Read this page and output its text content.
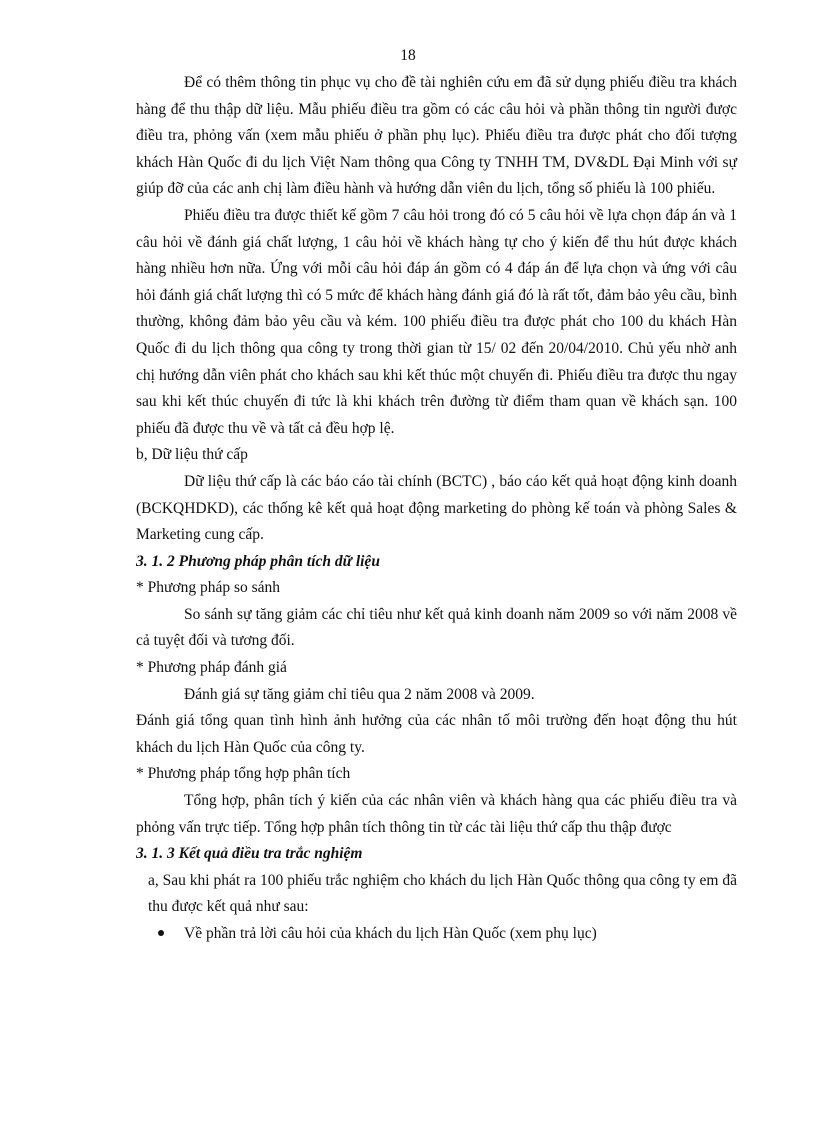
18

Để có thêm thông tin phục vụ cho đề tài nghiên cứu em đã sử dụng phiếu điều tra khách hàng để thu thập dữ liệu. Mẫu phiếu điều tra gồm có các câu hỏi và phần thông tin người được điều tra, phỏng vấn (xem mẫu phiếu ở phần phụ lục). Phiếu điều tra được phát cho đối tượng khách Hàn Quốc đi du lịch Việt Nam thông qua Công ty TNHH TM, DV&DL Đại Minh với sự giúp đỡ của các anh chị làm điều hành và hướng dẫn viên du lịch, tổng số phiếu là 100 phiếu.

Phiếu điều tra được thiết kế gồm 7 câu hỏi trong đó có 5 câu hỏi về lựa chọn đáp án và 1 câu hỏi về đánh giá chất lượng, 1 câu hỏi về khách hàng tự cho ý kiến để thu hút được khách hàng nhiều hơn nữa. Ứng với mỗi câu hỏi đáp án gồm có 4 đáp án để lựa chọn và ứng với câu hỏi đánh giá chất lượng thì có 5 mức để khách hàng đánh giá đó là rất tốt, đảm bảo yêu cầu, bình thường, không đảm bảo yêu cầu và kém. 100 phiếu điều tra được phát cho 100 du khách Hàn Quốc đi du lịch thông qua công ty trong thời gian từ 15/ 02 đến 20/04/2010. Chủ yếu nhờ anh chị hướng dẫn viên phát cho khách sau khi kết thúc một chuyến đi. Phiếu điều tra được thu ngay sau khi kết thúc chuyến đi tức là khi khách trên đường từ điểm tham quan về khách sạn. 100 phiếu đã được thu về và tất cả đều hợp lệ.

b, Dữ liệu thứ cấp

Dữ liệu thứ cấp là các báo cáo tài chính (BCTC) , báo cáo kết quả hoạt động kinh doanh (BCKQHDKD), các thống kê kết quả hoạt động marketing do phòng kế toán và phòng Sales & Marketing cung cấp.

3. 1. 2 Phương pháp phân tích dữ liệu

* Phương pháp so sánh

So sánh sự tăng giảm các chỉ tiêu như kết quả kinh doanh năm 2009 so với năm 2008 về cả tuyệt đối và tương đối.

* Phương pháp đánh giá

Đánh giá sự tăng giảm chỉ tiêu qua 2 năm 2008 và 2009.

Đánh giá tổng quan tình hình ảnh hưởng của các nhân tố môi trường đến hoạt động thu hút khách du lịch Hàn Quốc của công ty.

* Phương pháp tổng hợp phân tích

Tổng hợp, phân tích ý kiến của các nhân viên và khách hàng qua các phiếu điều tra và phỏng vấn trực tiếp. Tổng hợp phân tích thông tin từ các tài liệu thứ cấp thu thập được

3. 1. 3 Kết quả điều tra trắc nghiệm

a, Sau khi phát ra 100 phiếu trắc nghiệm cho khách du lịch Hàn Quốc thông qua công ty em đã thu được kết quả như sau:

Về phần trả lời câu hỏi của khách du lịch Hàn Quốc (xem phụ lục)
